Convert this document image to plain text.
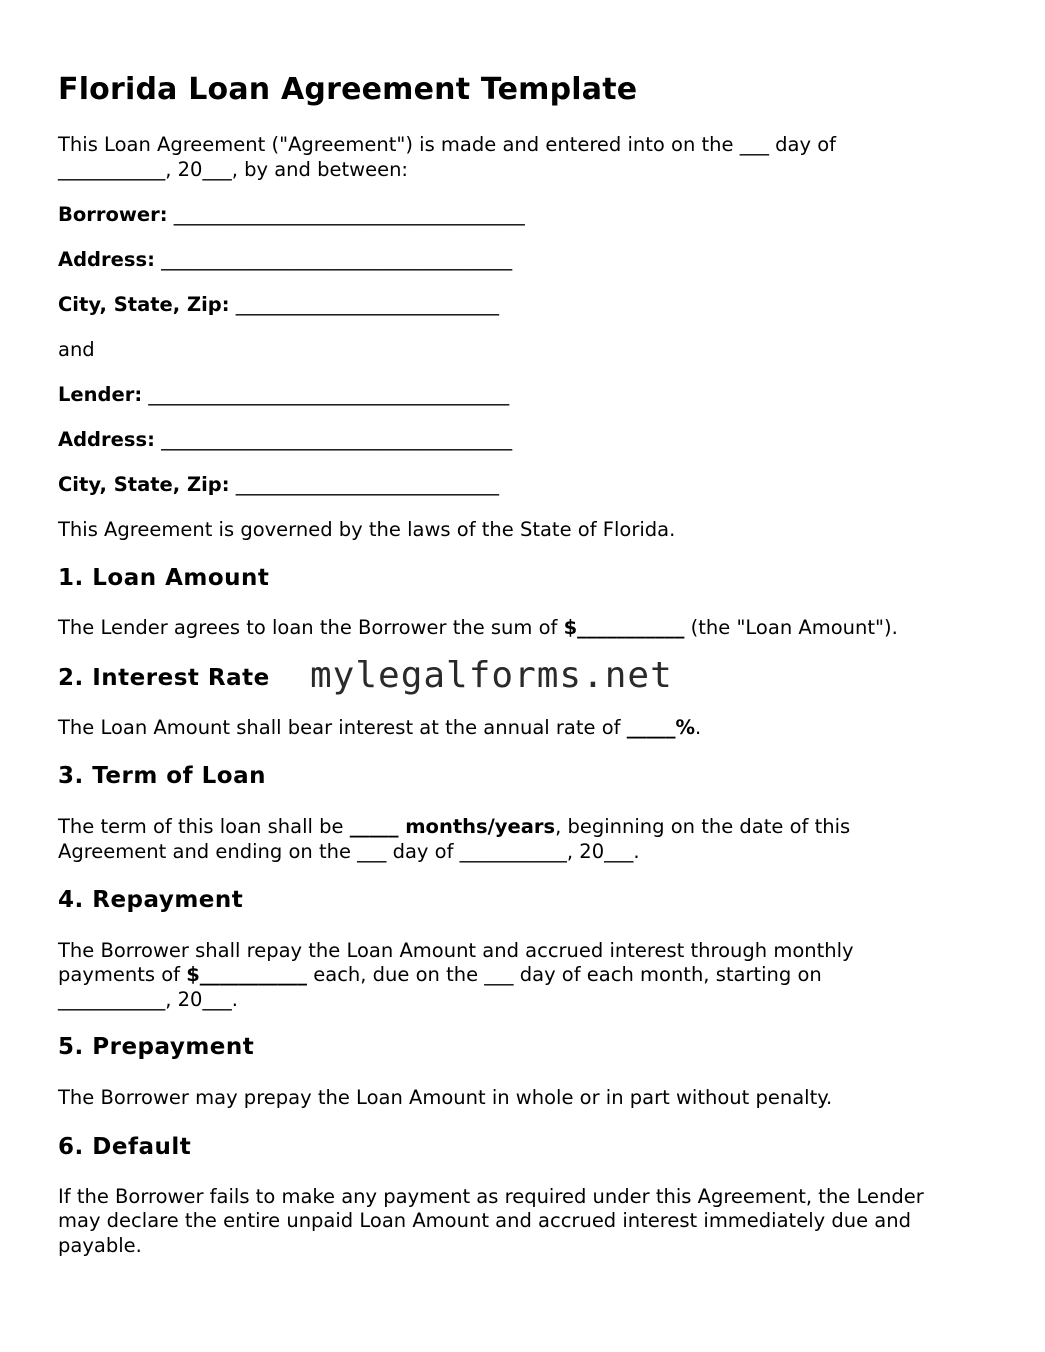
Florida Loan Agreement Template

This Loan Agreement ("Agreement") is made and entered into on the ___ day of

___________, 20___, by and between:

Borrower: ____________________________________

Address: ____________________________________

City, State, Zip: ___________________________

and

Lender: _____________________________________

Address: ____________________________________

City, State, Zip: ___________________________

This Agreement is governed by the laws of the State of Florida.

1. Loan Amount

The Lender agrees to loan the Borrower the sum of $___________ (the "Loan Amount").

2. Interest Rate

The Loan Amount shall bear interest at the annual rate of _____%.

3. Term of Loan

The term of this loan shall be _____ months/years, beginning on the date of this

Agreement and ending on the ___ day of ___________, 20___.

4. Repayment

The Borrower shall repay the Loan Amount and accrued interest through monthly

payments of $___________ each, due on the ___ day of each month, starting on

___________, 20___.

5. Prepayment

The Borrower may prepay the Loan Amount in whole or in part without penalty.

6. Default

If the Borrower fails to make any payment as required under this Agreement, the Lender

may declare the entire unpaid Loan Amount and accrued interest immediately due and

payable.

mylegalforms.net
